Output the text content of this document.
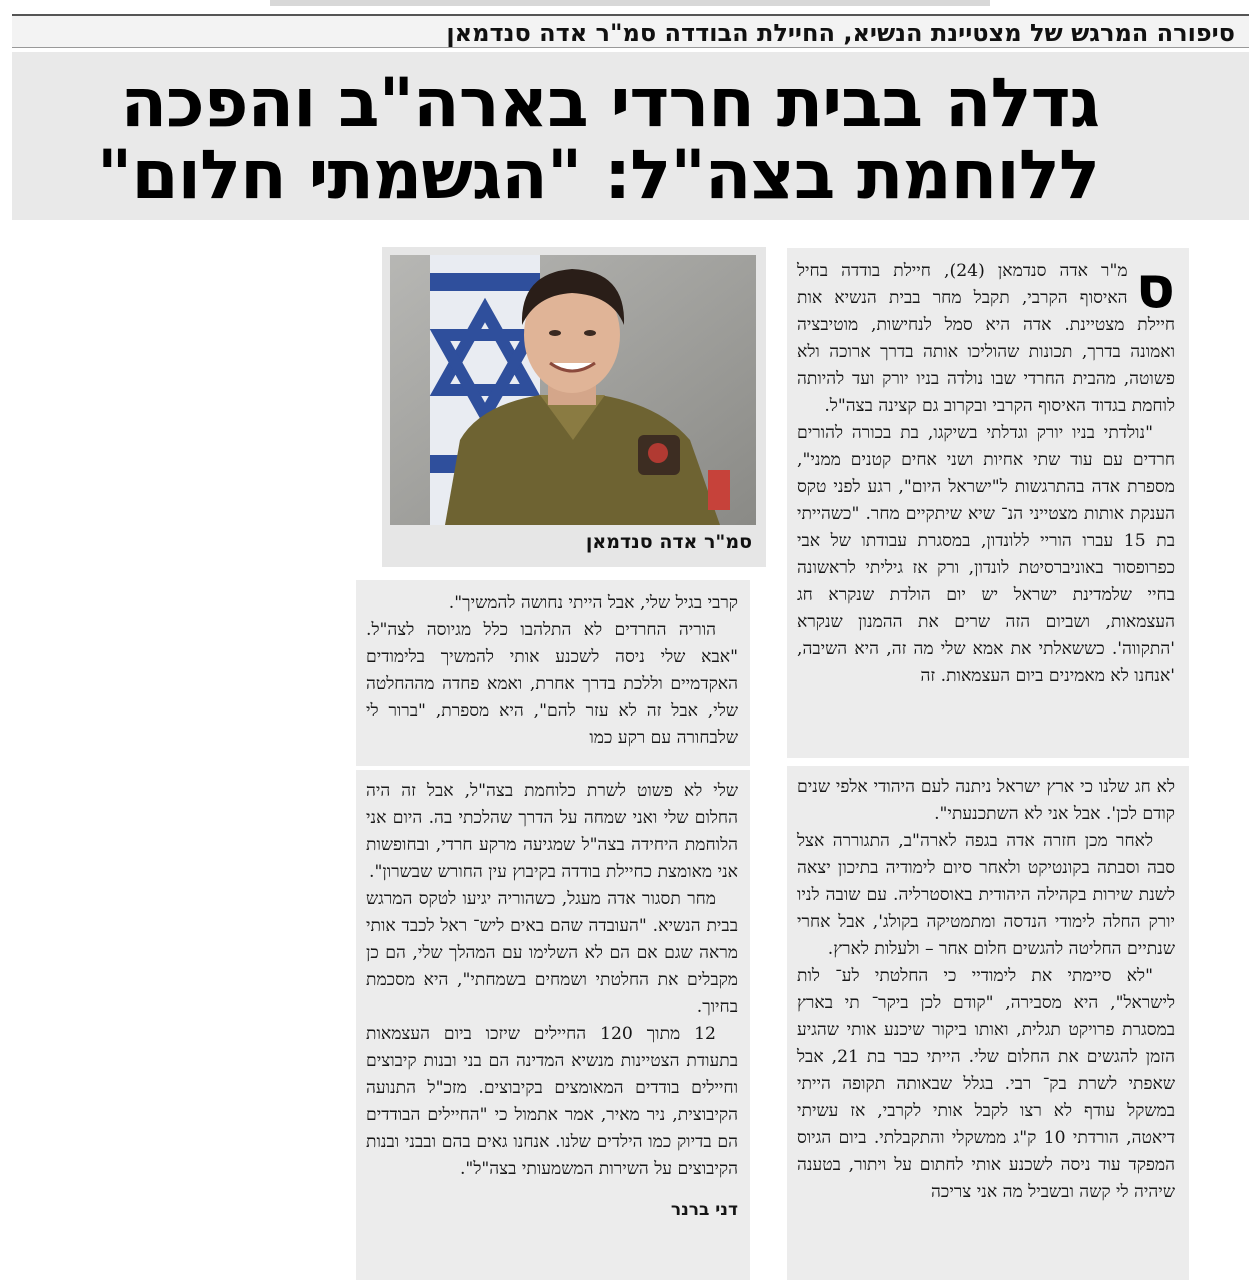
סיפורה המרגש של מצטיינת הנשיא, החיילת הבודדה סמ"ר אדה סנדמאן
גדלה בבית חרדי בארה"ב והפכה
ללוחמת בצה"ל: "הגשמתי חלום"
ס

מ"ר אדה סנדמאן (24), חיילת בודדה בחיל האיסוף הקרבי, תקבל מחר בבית הנשיא אות חיילת מצטיינת. אדה היא סמל לנחישות, מוטיבציה ואמונה בדרך, תכונות שהוליכו אותה בדרך ארוכה ולא פשוטה, מהבית החרדי שבו נולדה בניו יורק ועד להיותה לוחמת בגדוד האיסוף הקרבי ובקרוב גם קצינה בצה"ל.

"נולדתי בניו יורק וגדלתי בשיקגו, בת בכורה להורים חרדים עם עוד שתי אחיות ושני אחים קטנים ממני", מספרת אדה בהתרגשות ל"ישראל היום", רגע לפני טקס הענקת אותות מצטייני הנ־ שיא שיתקיים מחר. "כשהייתי בת 15 עברו הוריי ללונדון, במסגרת עבודתו של אבי כפרופסור באוניברסיטת לונדון, ורק אז גיליתי לראשונה בחיי שלמדינת ישראל יש יום הולדת שנקרא חג העצמאות, ושביום הזה שרים את ההמנון שנקרא 'התקווה'. כששאלתי את אמא שלי מה זה, היא השיבה, 'אנחנו לא מאמינים ביום העצמאות. זה

לא חג שלנו כי ארץ ישראל ניתנה לעם היהודי אלפי שנים קודם לכן'. אבל אני לא השתכנעתי".

לאחר מכן חזרה אדה בגפה לארה"ב, התגוררה אצל סבה וסבתה בקונטיקט ולאחר סיום לימודיה בתיכון יצאה לשנת שירות בקהילה היהודית באוסטרליה. עם שובה לניו יורק החלה לימודי הנדסה ומתמטיקה בקולג', אבל אחרי שנתיים החליטה להגשים חלום אחר – ולעלות לארץ.

"לא סיימתי את לימודיי כי החלטתי לע־ לות לישראל", היא מסבירה, "קודם לכן ביקר־ תי בארץ במסגרת פרויקט תגלית, ואותו ביקור שיכנע אותי שהגיע הזמן להגשים את החלום שלי. הייתי כבר בת 21, אבל שאפתי לשרת בק־ רבי. בגלל שבאותה תקופה הייתי במשקל עודף לא רצו לקבל אותי לקרבי, אז עשיתי דיאטה, הורדתי 10 ק"ג ממשקלי והתקבלתי. ביום הגיוס המפקד עוד ניסה לשכנע אותי לחתום על ויתור, בטענה שיהיה לי קשה ובשביל מה אני צריכה

סמ"ר אדה סנדמאן

קרבי בגיל שלי, אבל הייתי נחושה להמשיך".

הוריה החרדים לא התלהבו כלל מגיוסה לצה"ל. "אבא שלי ניסה לשכנע אותי להמשיך בלימודים האקדמיים וללכת בדרך אחרת, ואמא פחדה מההחלטה שלי, אבל זה לא עזר להם", היא מספרת, "ברור לי שלבחורה עם רקע כמו

שלי לא פשוט לשרת כלוחמת בצה"ל, אבל זה היה החלום שלי ואני שמחה על הדרך שהלכתי בה. היום אני הלוחמת היחידה בצה"ל שמגיעה מרקע חרדי, ובחופשות אני מאומצת כחיילת בודדה בקיבוץ עין החורש שבשרון".

מחר תסגור אדה מעגל, כשהוריה יגיעו לטקס המרגש בבית הנשיא. "העובדה שהם באים ליש־ ראל לכבד אותי מראה שגם אם הם לא השלימו עם המהלך שלי, הם כן מקבלים את החלטתי ושמחים בשמחתי", היא מסכמת בחיוך.

12 מתוך 120 החיילים שיזכו ביום העצמאות בתעודת הצטיינות מנשיא המדינה הם בני ובנות קיבוצים וחיילים בודדים המאומצים בקיבוצים. מזכ"ל התנועה הקיבוצית, ניר מאיר, אמר אתמול כי "החיילים הבודדים הם בדיוק כמו הילדים שלנו. אנחנו גאים בהם ובבני ובנות הקיבוצים על השירות המשמעותי בצה"ל".

דני ברנר
